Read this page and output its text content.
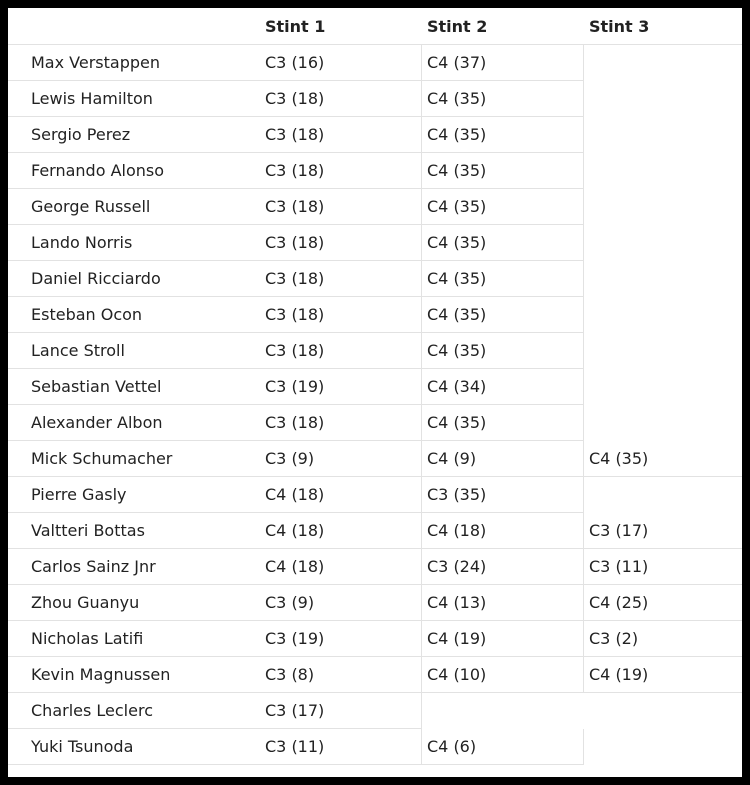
	Stint 1	Stint 2	Stint 3
Max Verstappen	C3 (16)	C4 (37)	
Lewis Hamilton	C3 (18)	C4 (35)	
Sergio Perez	C3 (18)	C4 (35)	
Fernando Alonso	C3 (18)	C4 (35)	
George Russell	C3 (18)	C4 (35)	
Lando Norris	C3 (18)	C4 (35)	
Daniel Ricciardo	C3 (18)	C4 (35)	
Esteban Ocon	C3 (18)	C4 (35)	
Lance Stroll	C3 (18)	C4 (35)	
Sebastian Vettel	C3 (19)	C4 (34)	
Alexander Albon	C3 (18)	C4 (35)	
Mick Schumacher	C3 (9)	C4 (9)	C4 (35)
Pierre Gasly	C4 (18)	C3 (35)	
Valtteri Bottas	C4 (18)	C4 (18)	C3 (17)
Carlos Sainz Jnr	C4 (18)	C3 (24)	C3 (11)
Zhou Guanyu	C3 (9)	C4 (13)	C4 (25)
Nicholas Latifi	C3 (19)	C4 (19)	C3 (2)
Kevin Magnussen	C3 (8)	C4 (10)	C4 (19)
Charles Leclerc	C3 (17)		
Yuki Tsunoda	C3 (11)	C4 (6)	
